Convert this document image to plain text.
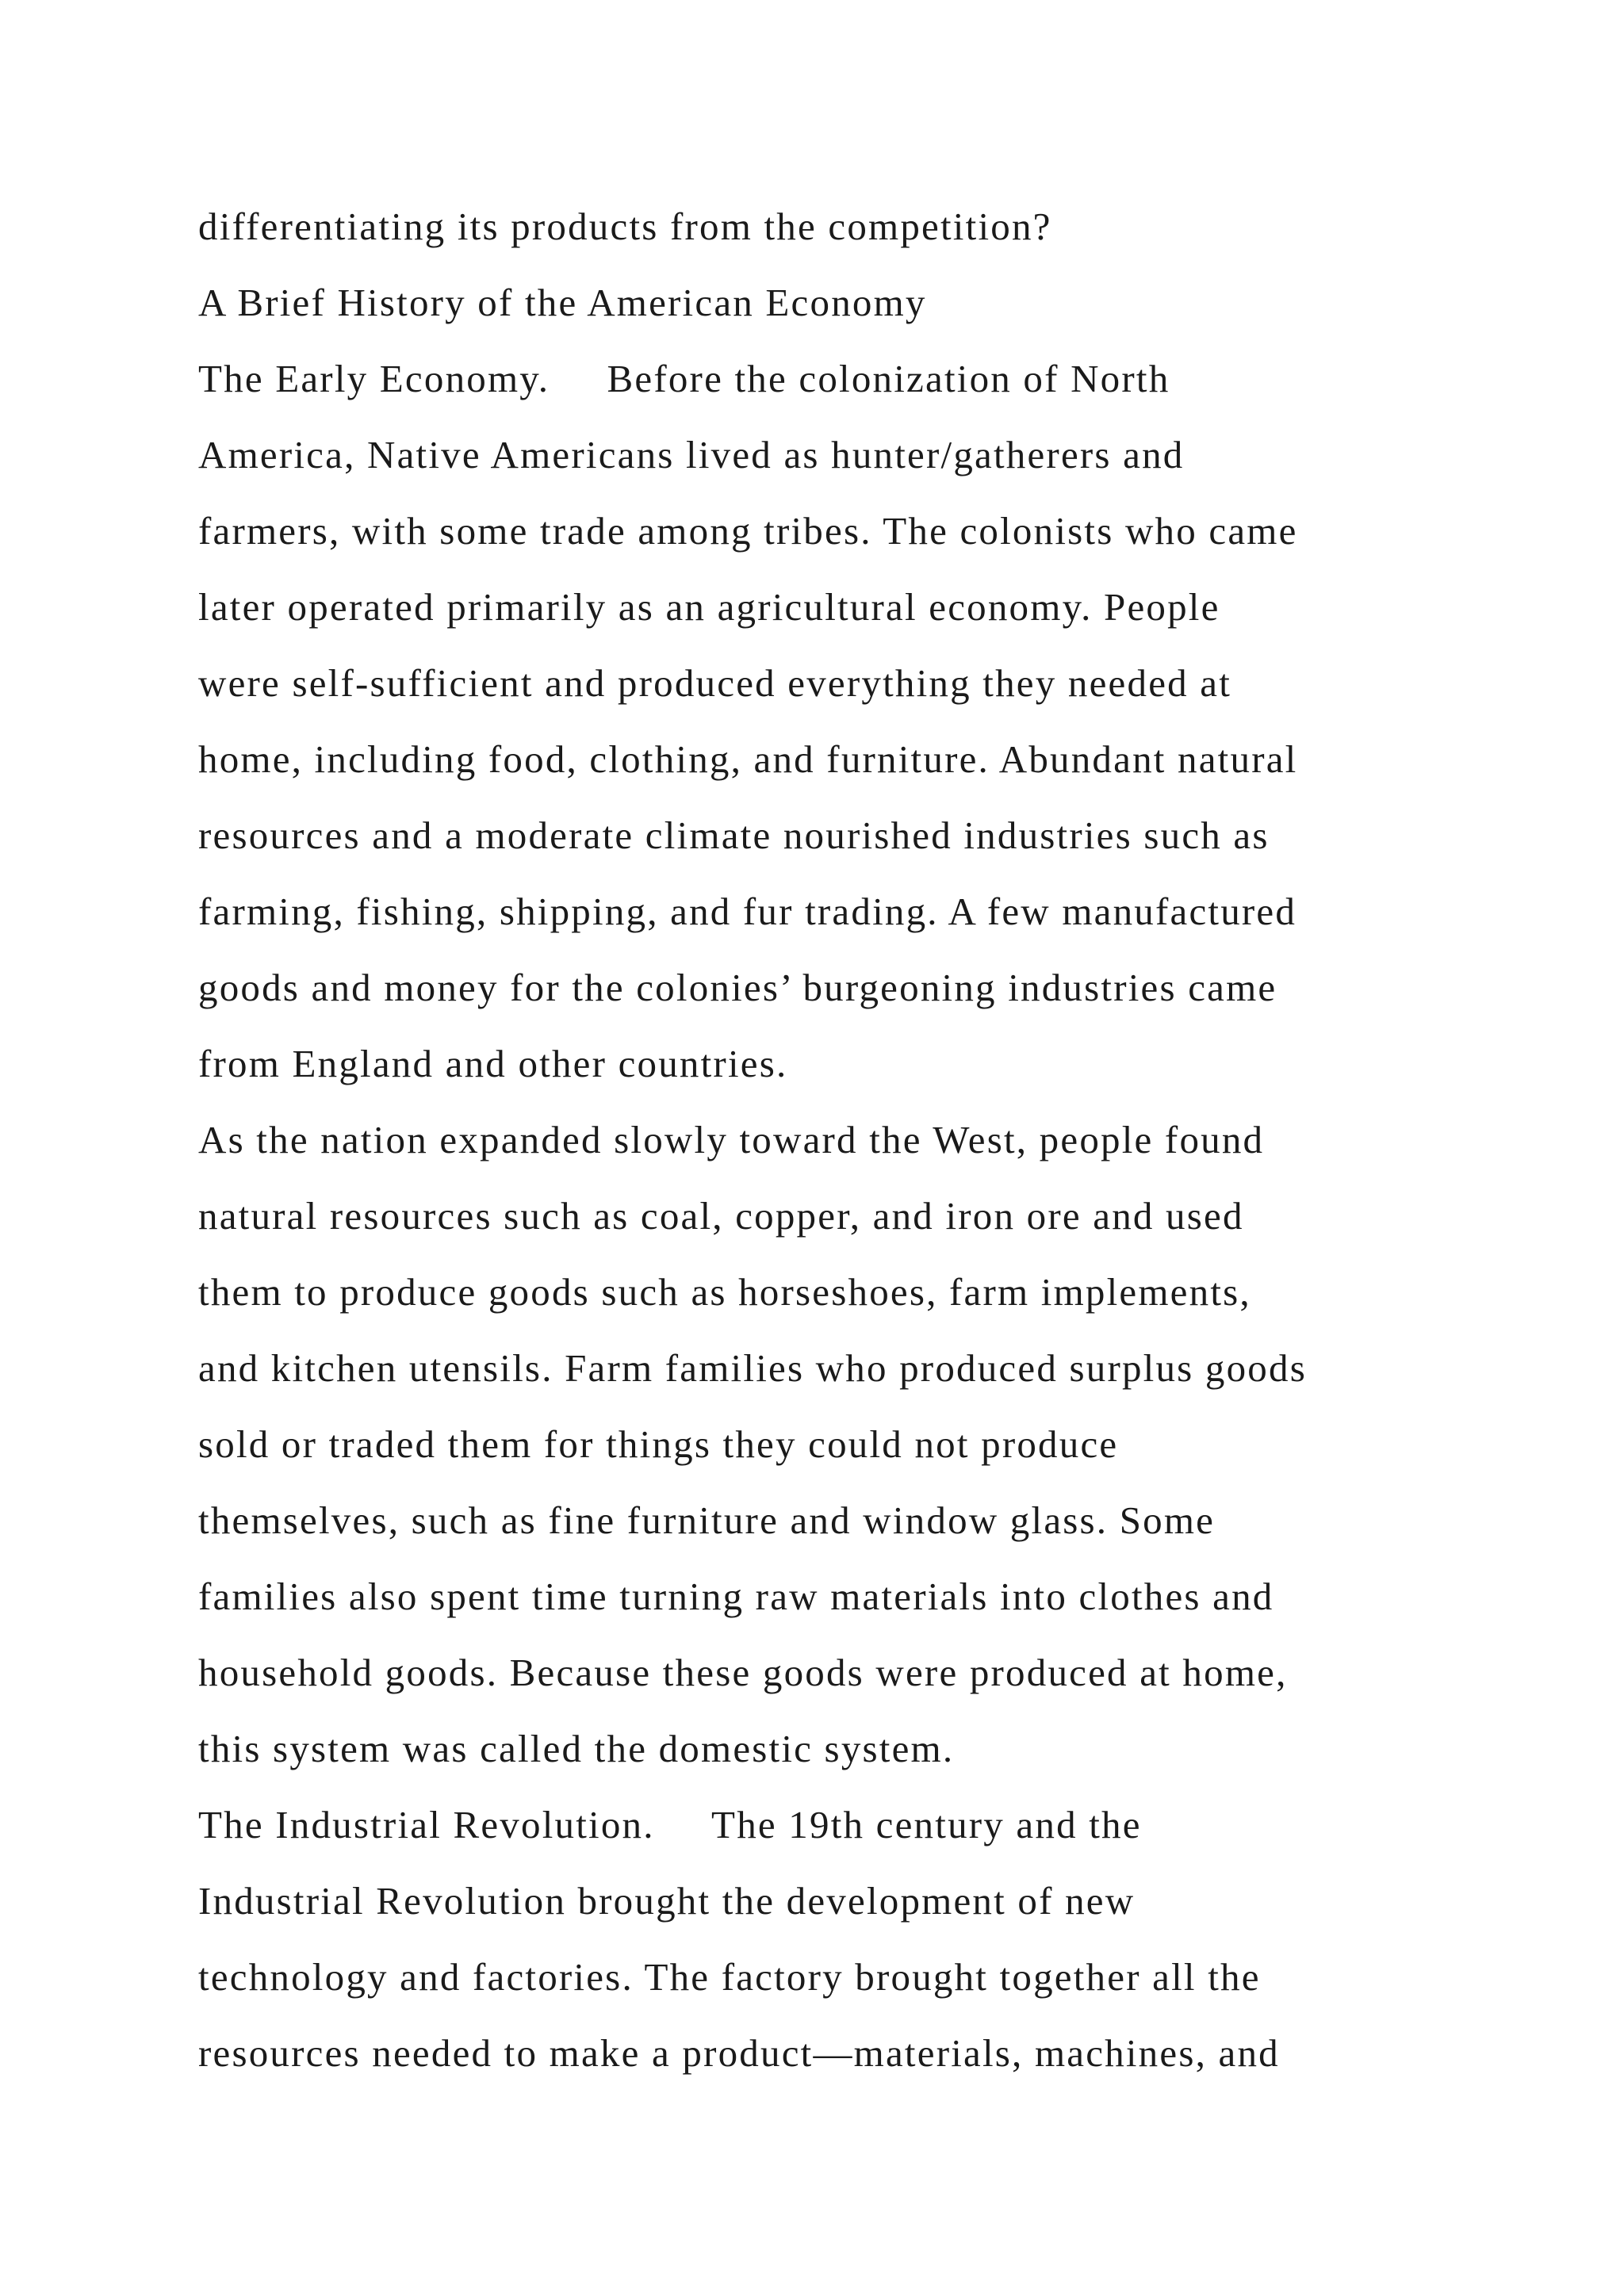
differentiating its products from the competition?

A Brief History of the American Economy

The Early Economy.     Before the colonization of North

America, Native Americans lived as hunter/gatherers and

farmers, with some trade among tribes. The colonists who came

later operated primarily as an agricultural economy. People

were self-sufficient and produced everything they needed at

home, including food, clothing, and furniture. Abundant natural

resources and a moderate climate nourished industries such as

farming, fishing, shipping, and fur trading. A few manufactured

goods and money for the colonies’ burgeoning industries came

from England and other countries.

As the nation expanded slowly toward the West, people found

natural resources such as coal, copper, and iron ore and used

them to produce goods such as horseshoes, farm implements,

and kitchen utensils. Farm families who produced surplus goods

sold or traded them for things they could not produce

themselves, such as fine furniture and window glass. Some

families also spent time turning raw materials into clothes and

household goods. Because these goods were produced at home,

this system was called the domestic system.

The Industrial Revolution.     The 19th century and the

Industrial Revolution brought the development of new

technology and factories. The factory brought together all the

resources needed to make a product—materials, machines, and
